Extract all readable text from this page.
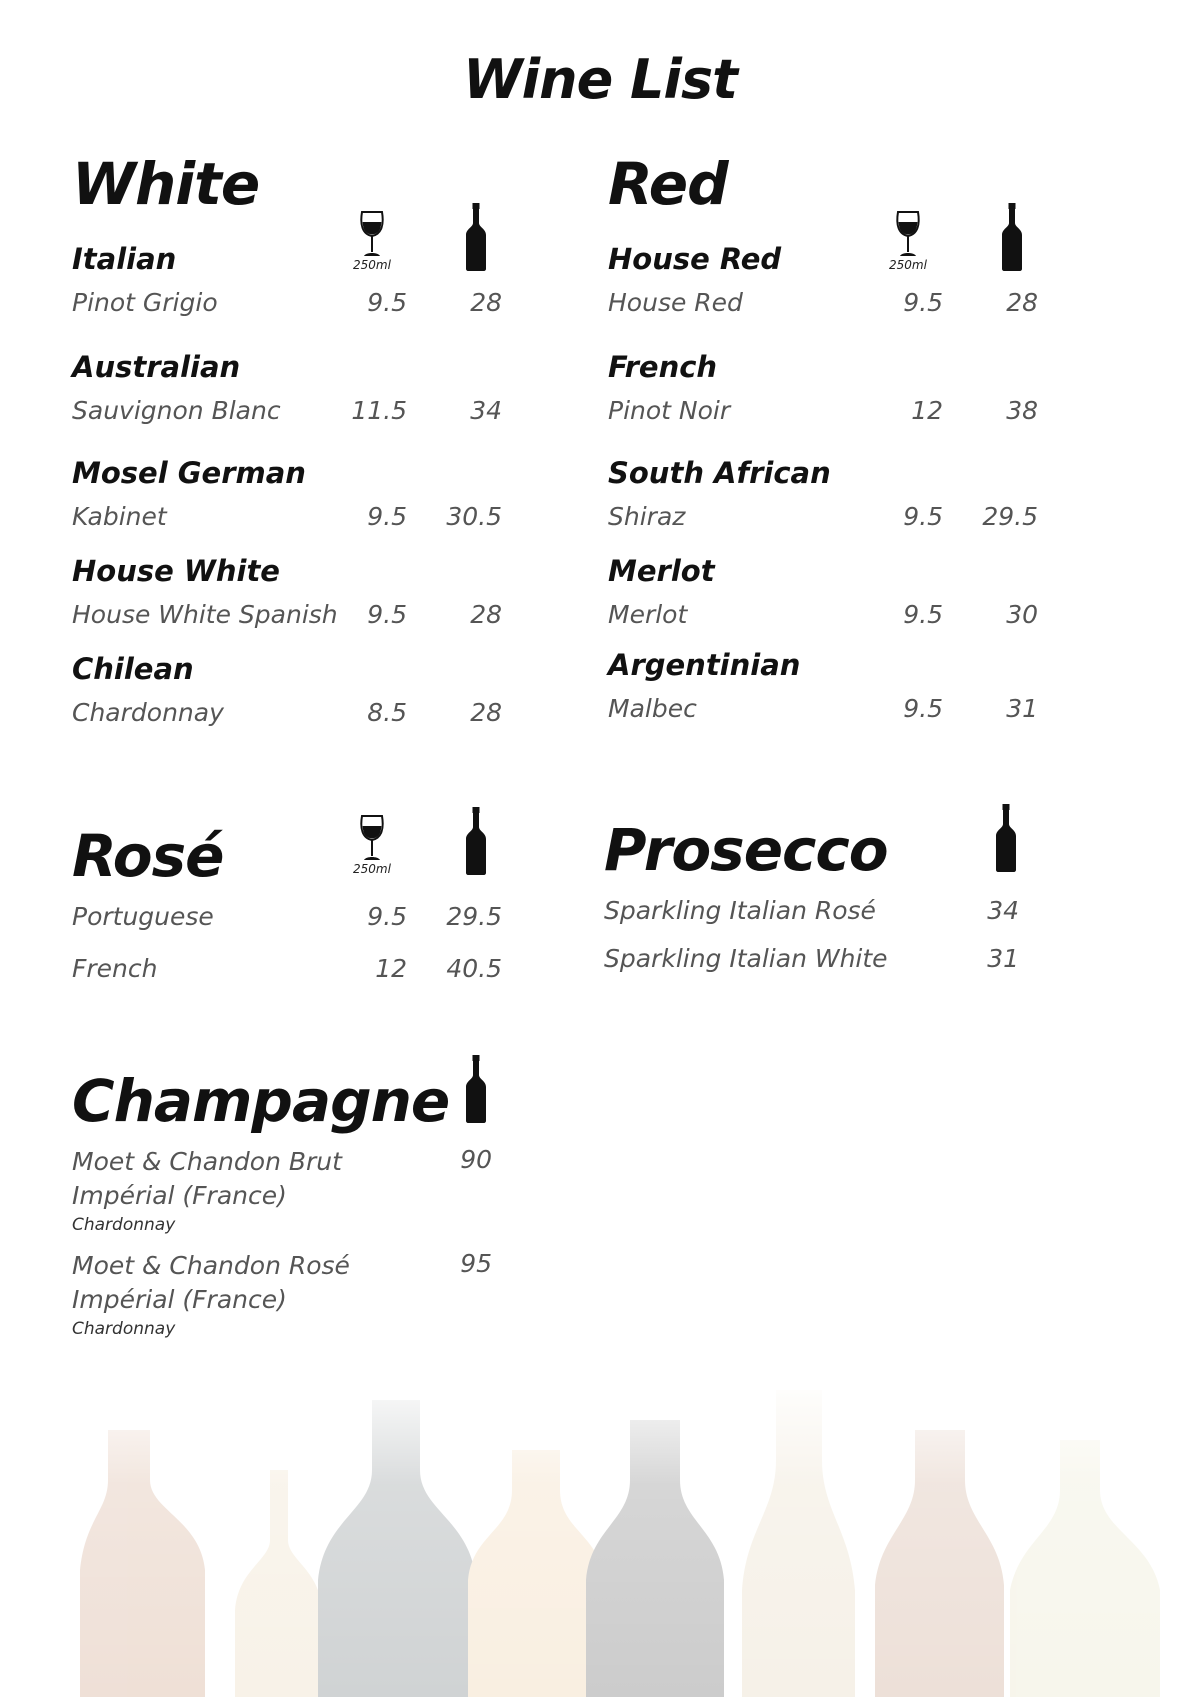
Wine List
White
250ml
Italian
Pinot Grigio	9.5	28
Australian
Sauvignon Blanc	11.5	34
Mosel German
Kabinet	9.5	30.5
House White
House White Spanish	9.5	28
Chilean
Chardonnay	8.5	28
Red
250ml
House Red
House Red	9.5	28
French
Pinot Noir	12	38
South African
Shiraz	9.5	29.5
Merlot
Merlot	9.5	30
Argentinian
Malbec	9.5	31
Rosé	250ml
Portuguese	9.5	29.5
French	12	40.5
Prosecco
Sparkling Italian Rosé	34
Sparkling Italian White	31
Champagne
Moet & Chandon Brut Impérial (France)
Chardonnay
90
Moet & Chandon Rosé Impérial (France)
Chardonnay
95
